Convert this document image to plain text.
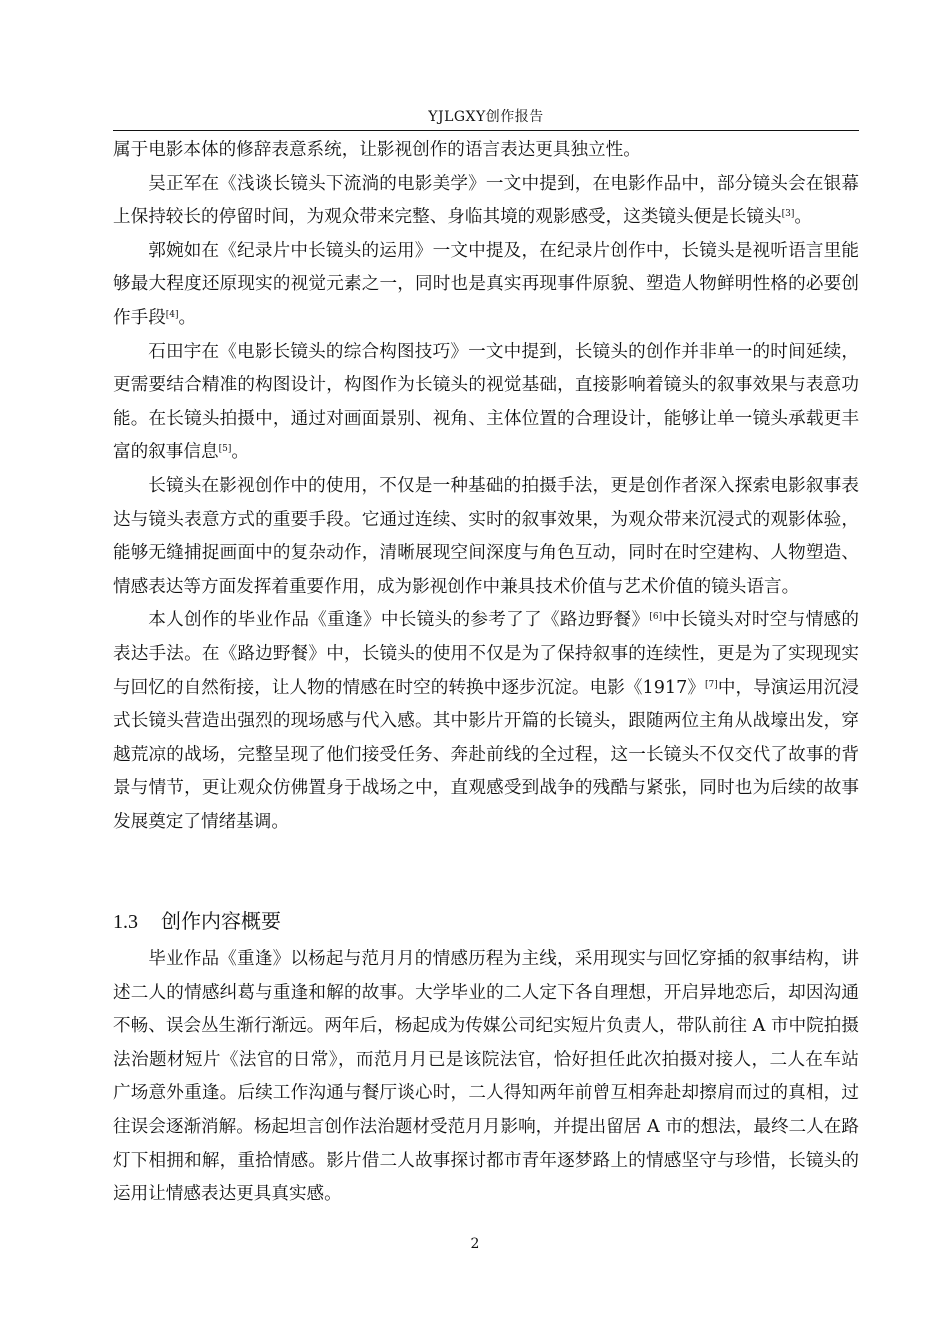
YJLGXY创作报告

属于电影本体的修辞表意系统，让影视创作的语言表达更具独立性。

吴正军在《浅谈长镜头下流淌的电影美学》一文中提到，在电影作品中，部分镜头会在银幕上保持较长的停留时间，为观众带来完整、身临其境的观影感受，这类镜头便是长镜头[3]。

郭婉如在《纪录片中长镜头的运用》一文中提及，在纪录片创作中，长镜头是视听语言里能够最大程度还原现实的视觉元素之一，同时也是真实再现事件原貌、塑造人物鲜明性格的必要创作手段[4]。

石田宇在《电影长镜头的综合构图技巧》一文中提到，长镜头的创作并非单一的时间延续，更需要结合精准的构图设计，构图作为长镜头的视觉基础，直接影响着镜头的叙事效果与表意功能。在长镜头拍摄中，通过对画面景别、视角、主体位置的合理设计，能够让单一镜头承载更丰富的叙事信息[5]。

长镜头在影视创作中的使用，不仅是一种基础的拍摄手法，更是创作者深入探索电影叙事表达与镜头表意方式的重要手段。它通过连续、实时的叙事效果，为观众带来沉浸式的观影体验，能够无缝捕捉画面中的复杂动作，清晰展现空间深度与角色互动，同时在时空建构、人物塑造、情感表达等方面发挥着重要作用，成为影视创作中兼具技术价值与艺术价值的镜头语言。

本人创作的毕业作品《重逢》中长镜头的参考了了《路边野餐》[6]中长镜头对时空与情感的表达手法。在《路边野餐》中，长镜头的使用不仅是为了保持叙事的连续性，更是为了实现现实与回忆的自然衔接，让人物的情感在时空的转换中逐步沉淀。电影《1917》[7]中，导演运用沉浸式长镜头营造出强烈的现场感与代入感。其中影片开篇的长镜头，跟随两位主角从战壕出发，穿越荒凉的战场，完整呈现了他们接受任务、奔赴前线的全过程，这一长镜头不仅交代了故事的背景与情节，更让观众仿佛置身于战场之中，直观感受到战争的残酷与紧张，同时也为后续的故事发展奠定了情绪基调。

1.3 创作内容概要

毕业作品《重逢》以杨起与范月月的情感历程为主线，采用现实与回忆穿插的叙事结构，讲述二人的情感纠葛与重逢和解的故事。大学毕业的二人定下各自理想，开启异地恋后，却因沟通不畅、误会丛生渐行渐远。两年后，杨起成为传媒公司纪实短片负责人，带队前往 A 市中院拍摄法治题材短片《法官的日常》，而范月月已是该院法官，恰好担任此次拍摄对接人，二人在车站广场意外重逢。后续工作沟通与餐厅谈心时，二人得知两年前曾互相奔赴却擦肩而过的真相，过往误会逐渐消解。杨起坦言创作法治题材受范月月影响，并提出留居 A 市的想法，最终二人在路灯下相拥和解，重拾情感。影片借二人故事探讨都市青年逐梦路上的情感坚守与珍惜，长镜头的运用让情感表达更具真实感。

2
